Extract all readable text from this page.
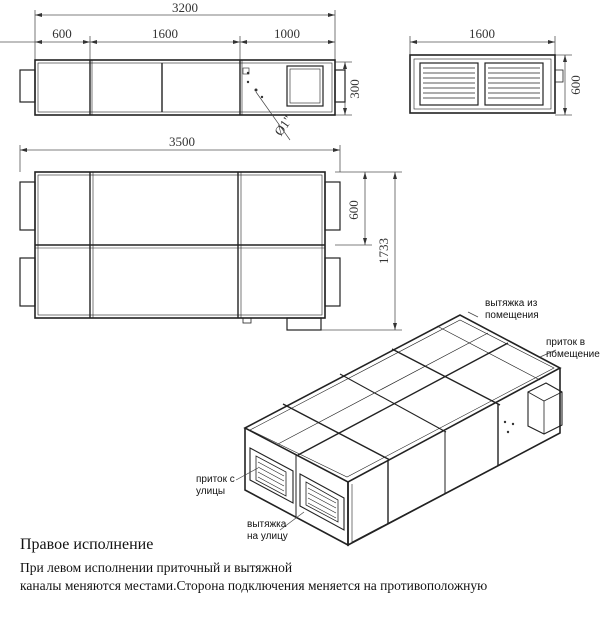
3200
600	1600	1000
300
Ø1"
1600
600
3500
600
1733
вытяжка из
помещения
приток в
помещение
приток с
улицы
вытяжка
на улицу
Правое исполнение
При левом исполнении приточный и вытяжной
каналы меняются местами.Сторона подключения меняется на противоположную
